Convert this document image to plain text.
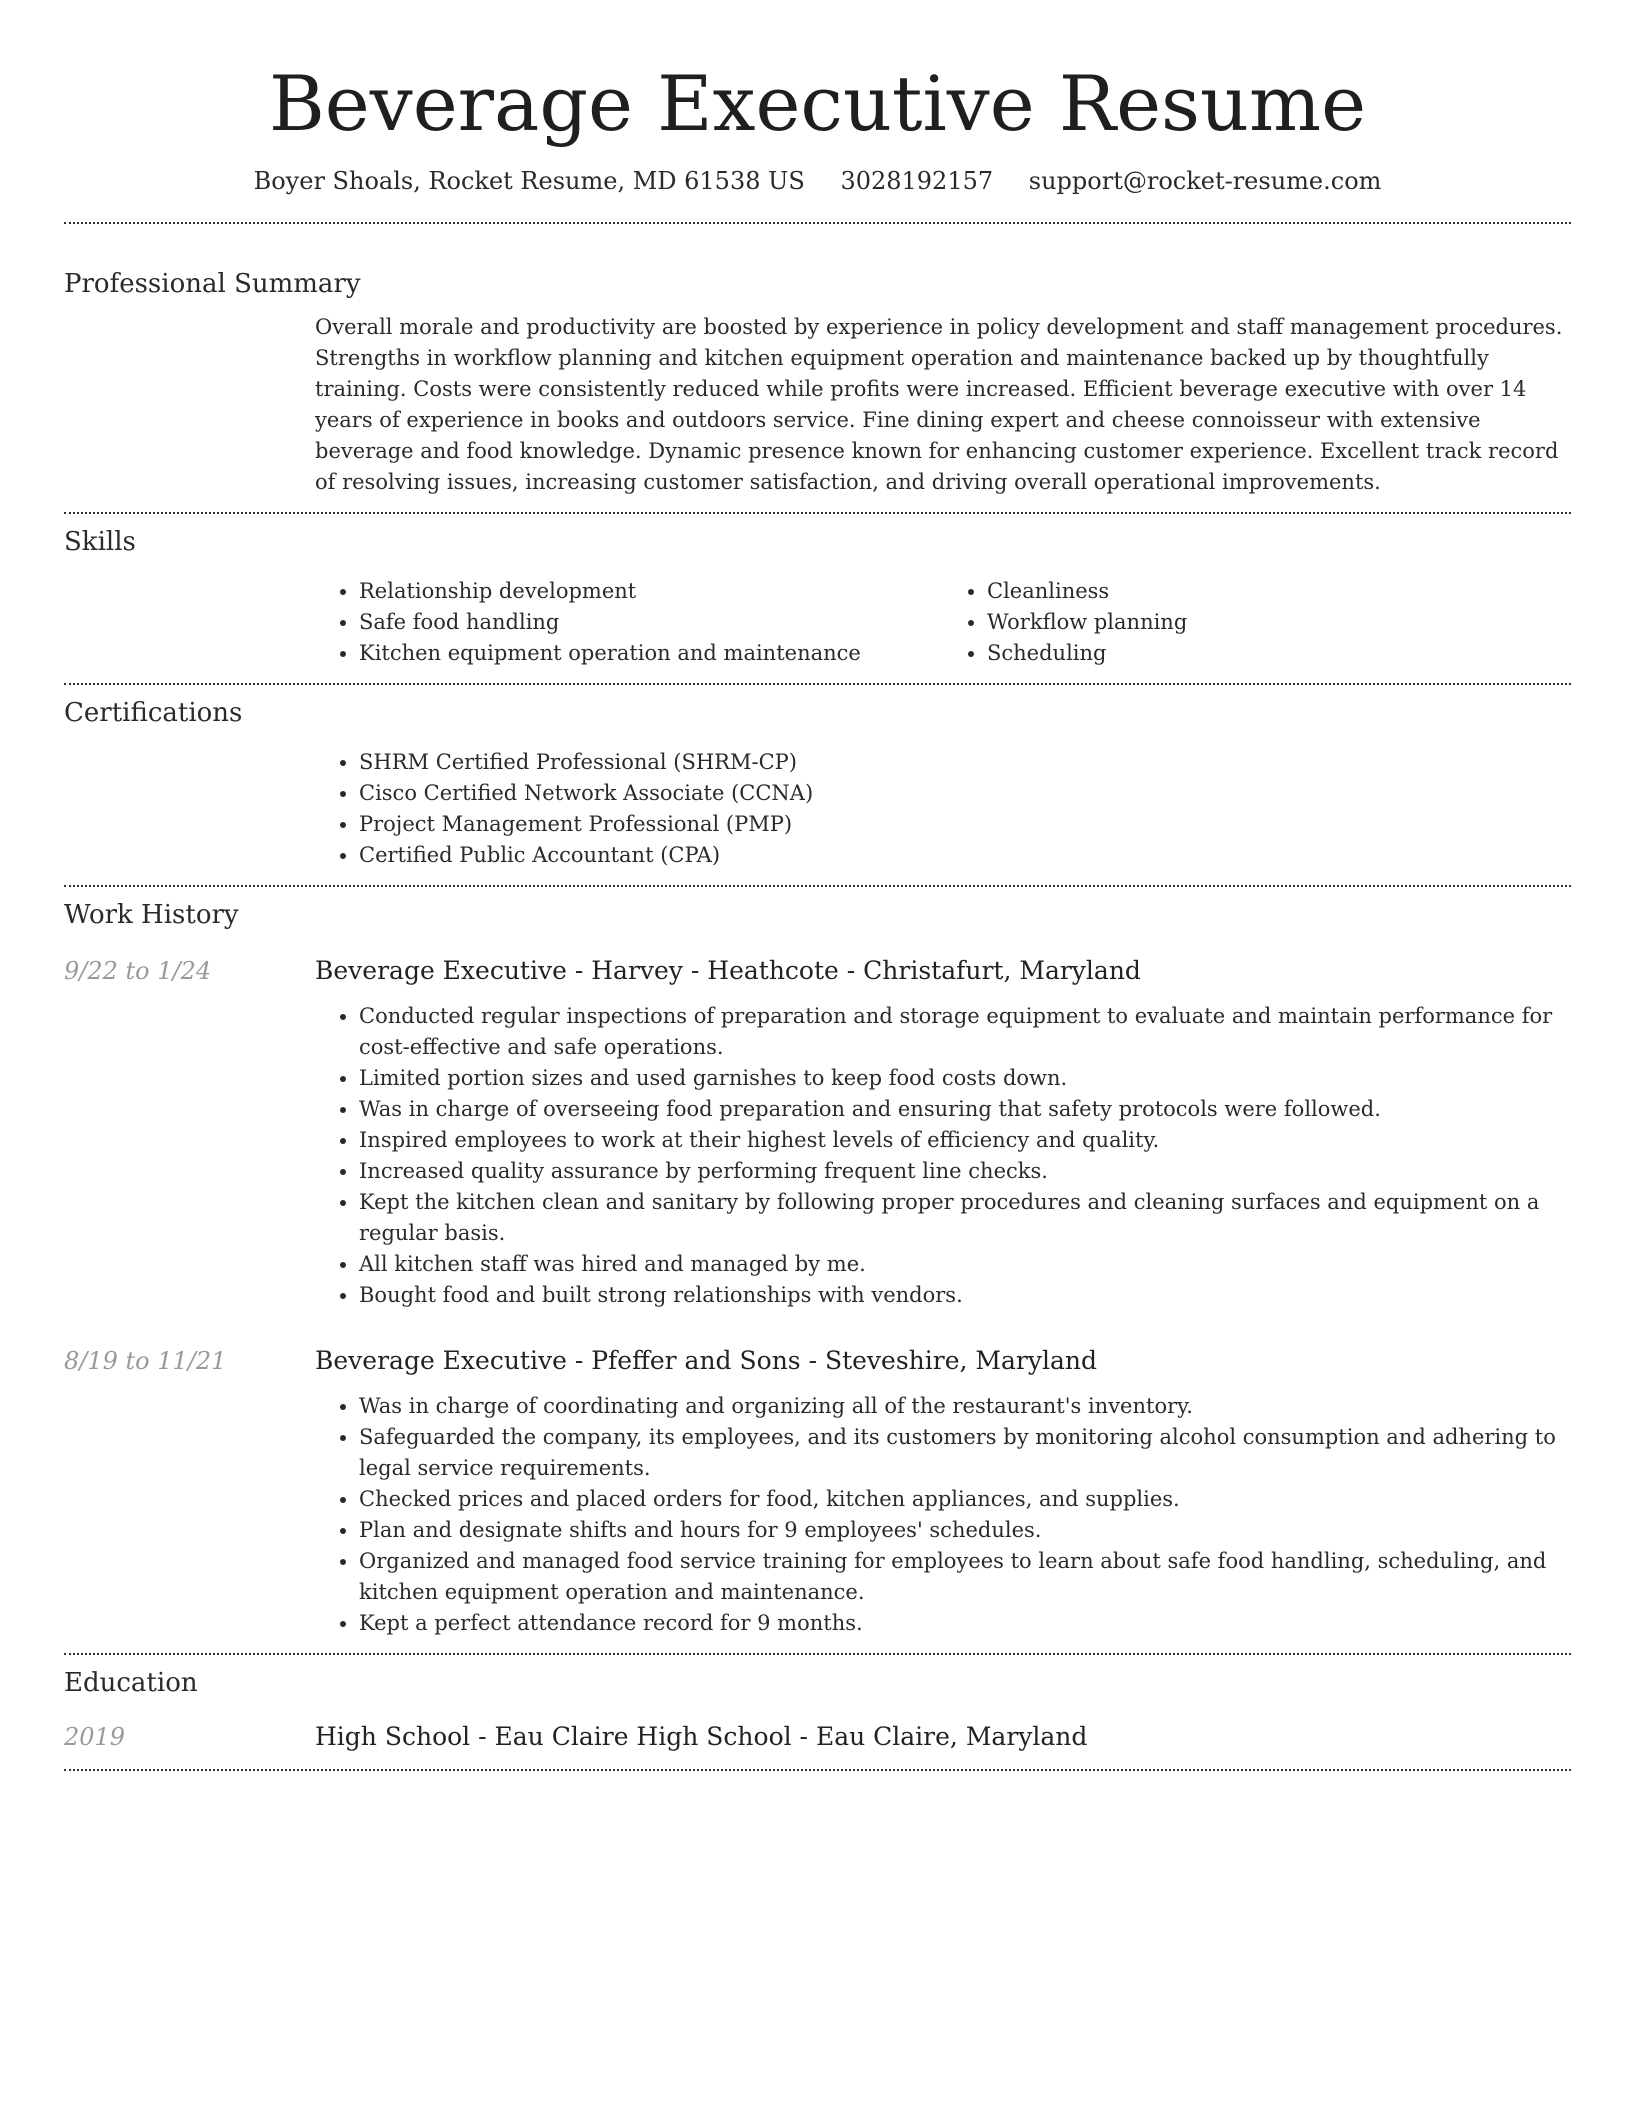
Beverage Executive Resume
Boyer Shoals, Rocket Resume, MD 61538 US 3028192157 support@rocket-resume.com
Professional Summary

Overall morale and productivity are boosted by experience in policy development and staff management procedures. Strengths in workflow planning and kitchen equipment operation and maintenance backed up by thoughtfully training. Costs were consistently reduced while profits were increased. Efficient beverage executive with over 14 years of experience in books and outdoors service. Fine dining expert and cheese connoisseur with extensive beverage and food knowledge. Dynamic presence known for enhancing customer experience. Excellent track record of resolving issues, increasing customer satisfaction, and driving overall operational improvements.

Skills
• Relationship development
• Safe food handling
• Kitchen equipment operation and maintenance
• Cleanliness
• Workflow planning
• Scheduling
Certifications
• SHRM Certified Professional (SHRM-CP)
• Cisco Certified Network Associate (CCNA)
• Project Management Professional (PMP)
• Certified Public Accountant (CPA)
Work History
9/22 to 1/24	Beverage Executive - Harvey - Heathcote - Christafurt, Maryland
• Conducted regular inspections of preparation and storage equipment to evaluate and maintain performance for cost-effective and safe operations.
• Limited portion sizes and used garnishes to keep food costs down.
• Was in charge of overseeing food preparation and ensuring that safety protocols were followed.
• Inspired employees to work at their highest levels of efficiency and quality.
• Increased quality assurance by performing frequent line checks.
• Kept the kitchen clean and sanitary by following proper procedures and cleaning surfaces and equipment on a regular basis.
• All kitchen staff was hired and managed by me.
• Bought food and built strong relationships with vendors.
8/19 to 11/21	Beverage Executive - Pfeffer and Sons - Steveshire, Maryland
• Was in charge of coordinating and organizing all of the restaurant's inventory.
• Safeguarded the company, its employees, and its customers by monitoring alcohol consumption and adhering to legal service requirements.
• Checked prices and placed orders for food, kitchen appliances, and supplies.
• Plan and designate shifts and hours for 9 employees' schedules.
• Organized and managed food service training for employees to learn about safe food handling, scheduling, and kitchen equipment operation and maintenance.
• Kept a perfect attendance record for 9 months.
Education
2019	High School - Eau Claire High School - Eau Claire, Maryland
